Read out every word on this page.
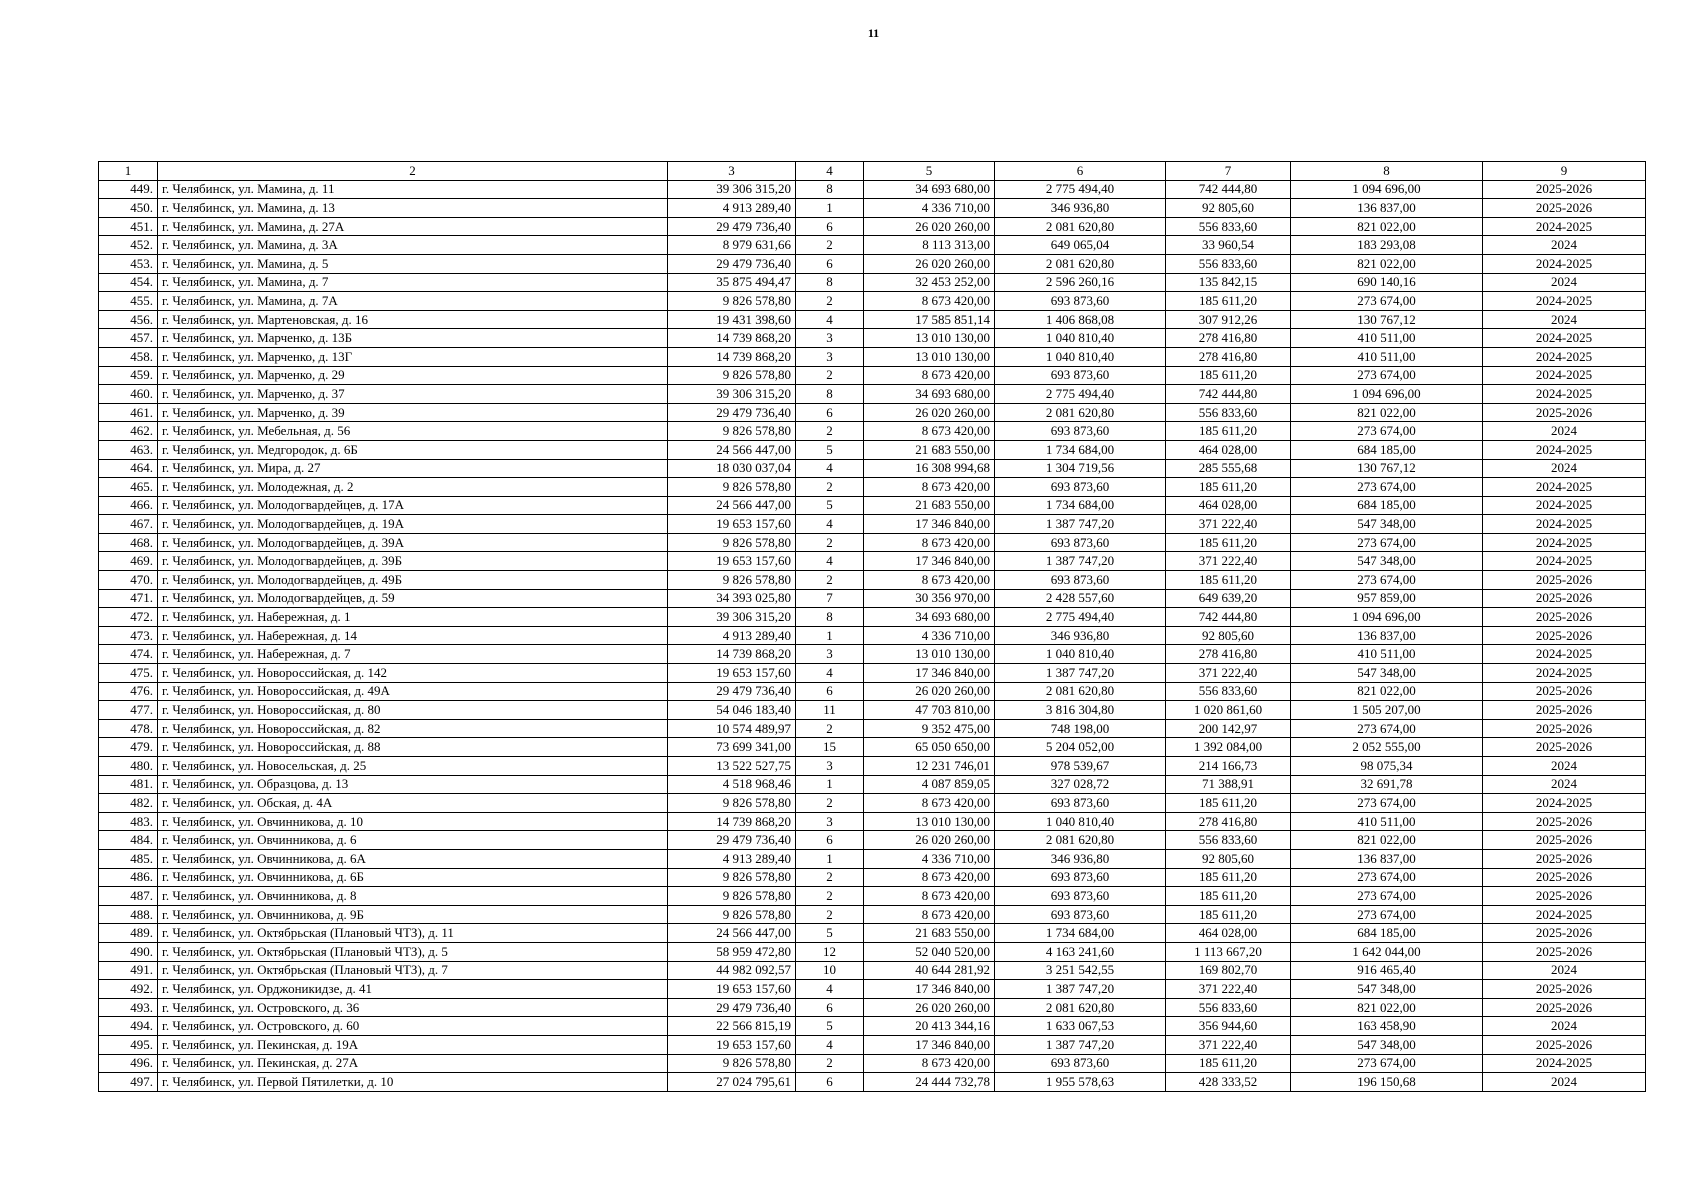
11
1	2	3	4	5	6	7	8	9
449.	г. Челябинск, ул. Мамина, д. 11	39 306 315,20	8	34 693 680,00	2 775 494,40	742 444,80	1 094 696,00	2025-2026
450.	г. Челябинск, ул. Мамина, д. 13	4 913 289,40	1	4 336 710,00	346 936,80	92 805,60	136 837,00	2025-2026
451.	г. Челябинск, ул. Мамина, д. 27А	29 479 736,40	6	26 020 260,00	2 081 620,80	556 833,60	821 022,00	2024-2025
452.	г. Челябинск, ул. Мамина, д. 3А	8 979 631,66	2	8 113 313,00	649 065,04	33 960,54	183 293,08	2024
453.	г. Челябинск, ул. Мамина, д. 5	29 479 736,40	6	26 020 260,00	2 081 620,80	556 833,60	821 022,00	2024-2025
454.	г. Челябинск, ул. Мамина, д. 7	35 875 494,47	8	32 453 252,00	2 596 260,16	135 842,15	690 140,16	2024
455.	г. Челябинск, ул. Мамина, д. 7А	9 826 578,80	2	8 673 420,00	693 873,60	185 611,20	273 674,00	2024-2025
456.	г. Челябинск, ул. Мартеновская, д. 16	19 431 398,60	4	17 585 851,14	1 406 868,08	307 912,26	130 767,12	2024
457.	г. Челябинск, ул. Марченко, д. 13Б	14 739 868,20	3	13 010 130,00	1 040 810,40	278 416,80	410 511,00	2024-2025
458.	г. Челябинск, ул. Марченко, д. 13Г	14 739 868,20	3	13 010 130,00	1 040 810,40	278 416,80	410 511,00	2024-2025
459.	г. Челябинск, ул. Марченко, д. 29	9 826 578,80	2	8 673 420,00	693 873,60	185 611,20	273 674,00	2024-2025
460.	г. Челябинск, ул. Марченко, д. 37	39 306 315,20	8	34 693 680,00	2 775 494,40	742 444,80	1 094 696,00	2024-2025
461.	г. Челябинск, ул. Марченко, д. 39	29 479 736,40	6	26 020 260,00	2 081 620,80	556 833,60	821 022,00	2025-2026
462.	г. Челябинск, ул. Мебельная, д. 56	9 826 578,80	2	8 673 420,00	693 873,60	185 611,20	273 674,00	2024
463.	г. Челябинск, ул. Медгородок, д. 6Б	24 566 447,00	5	21 683 550,00	1 734 684,00	464 028,00	684 185,00	2024-2025
464.	г. Челябинск, ул. Мира, д. 27	18 030 037,04	4	16 308 994,68	1 304 719,56	285 555,68	130 767,12	2024
465.	г. Челябинск, ул. Молодежная, д. 2	9 826 578,80	2	8 673 420,00	693 873,60	185 611,20	273 674,00	2024-2025
466.	г. Челябинск, ул. Молодогвардейцев, д. 17А	24 566 447,00	5	21 683 550,00	1 734 684,00	464 028,00	684 185,00	2024-2025
467.	г. Челябинск, ул. Молодогвардейцев, д. 19А	19 653 157,60	4	17 346 840,00	1 387 747,20	371 222,40	547 348,00	2024-2025
468.	г. Челябинск, ул. Молодогвардейцев, д. 39А	9 826 578,80	2	8 673 420,00	693 873,60	185 611,20	273 674,00	2024-2025
469.	г. Челябинск, ул. Молодогвардейцев, д. 39Б	19 653 157,60	4	17 346 840,00	1 387 747,20	371 222,40	547 348,00	2024-2025
470.	г. Челябинск, ул. Молодогвардейцев, д. 49Б	9 826 578,80	2	8 673 420,00	693 873,60	185 611,20	273 674,00	2025-2026
471.	г. Челябинск, ул. Молодогвардейцев, д. 59	34 393 025,80	7	30 356 970,00	2 428 557,60	649 639,20	957 859,00	2025-2026
472.	г. Челябинск, ул. Набережная, д. 1	39 306 315,20	8	34 693 680,00	2 775 494,40	742 444,80	1 094 696,00	2025-2026
473.	г. Челябинск, ул. Набережная, д. 14	4 913 289,40	1	4 336 710,00	346 936,80	92 805,60	136 837,00	2025-2026
474.	г. Челябинск, ул. Набережная, д. 7	14 739 868,20	3	13 010 130,00	1 040 810,40	278 416,80	410 511,00	2024-2025
475.	г. Челябинск, ул. Новороссийская, д. 142	19 653 157,60	4	17 346 840,00	1 387 747,20	371 222,40	547 348,00	2024-2025
476.	г. Челябинск, ул. Новороссийская, д. 49А	29 479 736,40	6	26 020 260,00	2 081 620,80	556 833,60	821 022,00	2025-2026
477.	г. Челябинск, ул. Новороссийская, д. 80	54 046 183,40	11	47 703 810,00	3 816 304,80	1 020 861,60	1 505 207,00	2025-2026
478.	г. Челябинск, ул. Новороссийская, д. 82	10 574 489,97	2	9 352 475,00	748 198,00	200 142,97	273 674,00	2025-2026
479.	г. Челябинск, ул. Новороссийская, д. 88	73 699 341,00	15	65 050 650,00	5 204 052,00	1 392 084,00	2 052 555,00	2025-2026
480.	г. Челябинск, ул. Новосельская, д. 25	13 522 527,75	3	12 231 746,01	978 539,67	214 166,73	98 075,34	2024
481.	г. Челябинск, ул. Образцова, д. 13	4 518 968,46	1	4 087 859,05	327 028,72	71 388,91	32 691,78	2024
482.	г. Челябинск, ул. Обская, д. 4А	9 826 578,80	2	8 673 420,00	693 873,60	185 611,20	273 674,00	2024-2025
483.	г. Челябинск, ул. Овчинникова, д. 10	14 739 868,20	3	13 010 130,00	1 040 810,40	278 416,80	410 511,00	2025-2026
484.	г. Челябинск, ул. Овчинникова, д. 6	29 479 736,40	6	26 020 260,00	2 081 620,80	556 833,60	821 022,00	2025-2026
485.	г. Челябинск, ул. Овчинникова, д. 6А	4 913 289,40	1	4 336 710,00	346 936,80	92 805,60	136 837,00	2025-2026
486.	г. Челябинск, ул. Овчинникова, д. 6Б	9 826 578,80	2	8 673 420,00	693 873,60	185 611,20	273 674,00	2025-2026
487.	г. Челябинск, ул. Овчинникова, д. 8	9 826 578,80	2	8 673 420,00	693 873,60	185 611,20	273 674,00	2025-2026
488.	г. Челябинск, ул. Овчинникова, д. 9Б	9 826 578,80	2	8 673 420,00	693 873,60	185 611,20	273 674,00	2024-2025
489.	г. Челябинск, ул. Октябрьская (Плановый ЧТЗ), д. 11	24 566 447,00	5	21 683 550,00	1 734 684,00	464 028,00	684 185,00	2025-2026
490.	г. Челябинск, ул. Октябрьская (Плановый ЧТЗ), д. 5	58 959 472,80	12	52 040 520,00	4 163 241,60	1 113 667,20	1 642 044,00	2025-2026
491.	г. Челябинск, ул. Октябрьская (Плановый ЧТЗ), д. 7	44 982 092,57	10	40 644 281,92	3 251 542,55	169 802,70	916 465,40	2024
492.	г. Челябинск, ул. Орджоникидзе, д. 41	19 653 157,60	4	17 346 840,00	1 387 747,20	371 222,40	547 348,00	2025-2026
493.	г. Челябинск, ул. Островского, д. 36	29 479 736,40	6	26 020 260,00	2 081 620,80	556 833,60	821 022,00	2025-2026
494.	г. Челябинск, ул. Островского, д. 60	22 566 815,19	5	20 413 344,16	1 633 067,53	356 944,60	163 458,90	2024
495.	г. Челябинск, ул. Пекинская, д. 19А	19 653 157,60	4	17 346 840,00	1 387 747,20	371 222,40	547 348,00	2025-2026
496.	г. Челябинск, ул. Пекинская, д. 27А	9 826 578,80	2	8 673 420,00	693 873,60	185 611,20	273 674,00	2024-2025
497.	г. Челябинск, ул. Первой Пятилетки, д. 10	27 024 795,61	6	24 444 732,78	1 955 578,63	428 333,52	196 150,68	2024
